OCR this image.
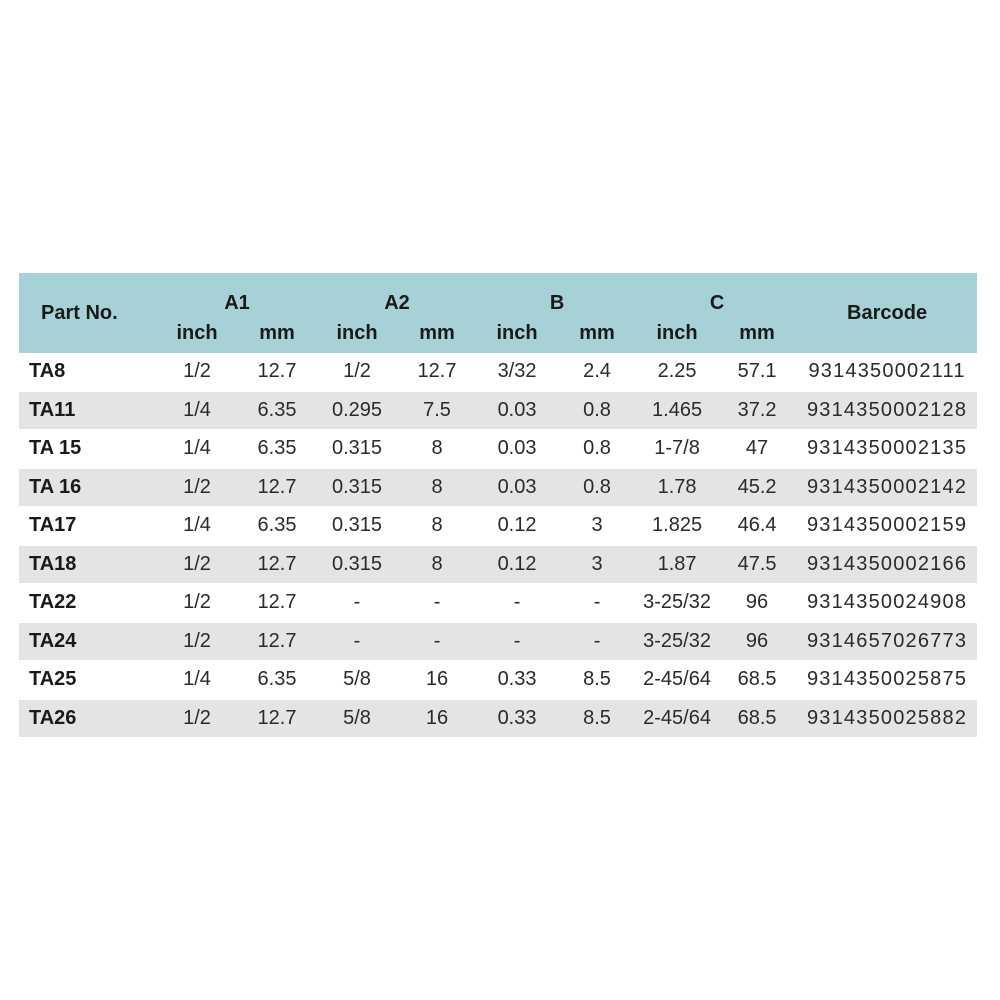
Part No.	A1		A2		B		C		Barcode
	inch	mm	inch	mm	inch	mm	inch	mm	
TA8	1/2	12.7	1/2	12.7	3/32	2.4	2.25	57.1	9314350002111
TA11	1/4	6.35	0.295	7.5	0.03	0.8	1.465	37.2	9314350002128
TA 15	1/4	6.35	0.315	8	0.03	0.8	1-7/8	47	9314350002135
TA 16	1/2	12.7	0.315	8	0.03	0.8	1.78	45.2	9314350002142
TA17	1/4	6.35	0.315	8	0.12	3	1.825	46.4	9314350002159
TA18	1/2	12.7	0.315	8	0.12	3	1.87	47.5	9314350002166
TA22	1/2	12.7	-	-	-	-	3-25/32	96	9314350024908
TA24	1/2	12.7	-	-	-	-	3-25/32	96	9314657026773
TA25	1/4	6.35	5/8	16	0.33	8.5	2-45/64	68.5	9314350025875
TA26	1/2	12.7	5/8	16	0.33	8.5	2-45/64	68.5	9314350025882
